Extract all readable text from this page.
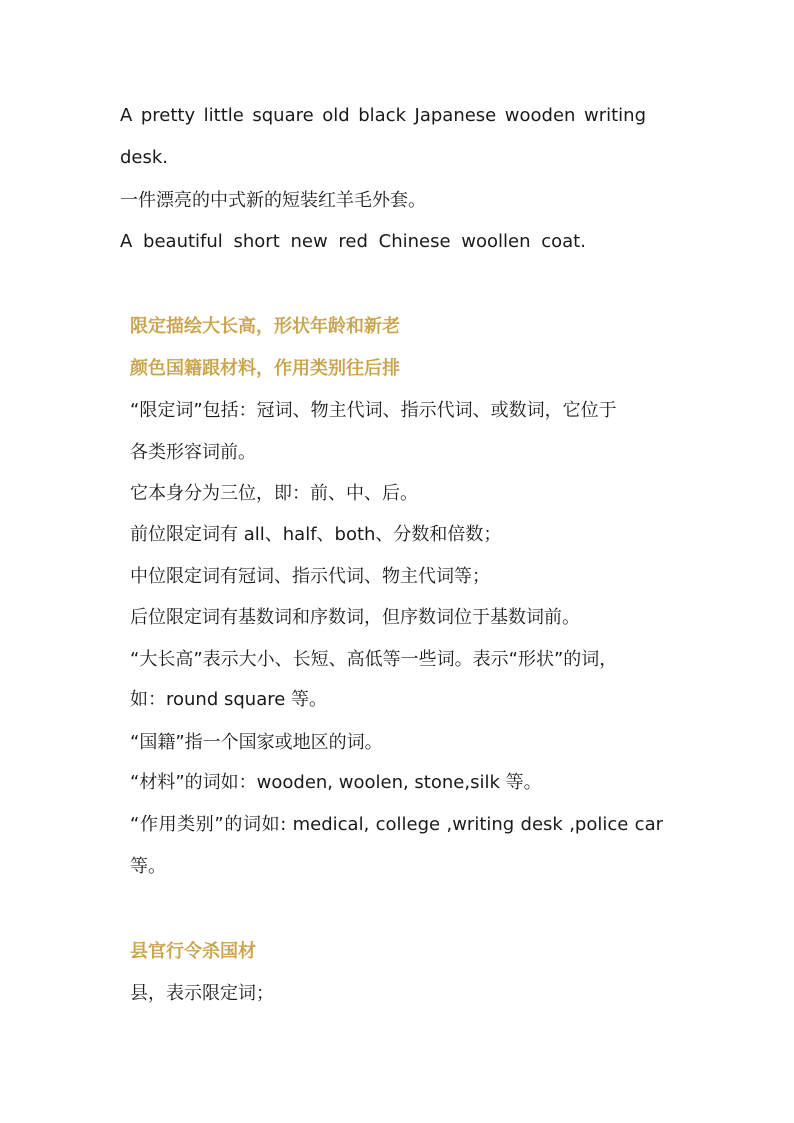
A pretty little square old black Japanese wooden writing
desk.
一件漂亮的中式新的短装红羊毛外套。
A beautiful short new red Chinese woollen coat.
限定描绘大长高，形状年龄和新老
颜色国籍跟材料，作用类别往后排
“限定词”包括：冠词、物主代词、指示代词、或数词，它位于
各类形容词前。
它本身分为三位，即：前、中、后。
前位限定词有 all、half、both、分数和倍数；
中位限定词有冠词、指示代词、物主代词等；
后位限定词有基数词和序数词，但序数词位于基数词前。
“大长高”表示大小、长短、高低等一些词。表示“形状”的词，
如：round square 等。
“国籍”指一个国家或地区的词。
“材料”的词如：wooden, woolen, stone,silk 等。
“作用类别”的词如: medical, college ,writing desk ,police car
等。
县官行令杀国材
县，表示限定词；
